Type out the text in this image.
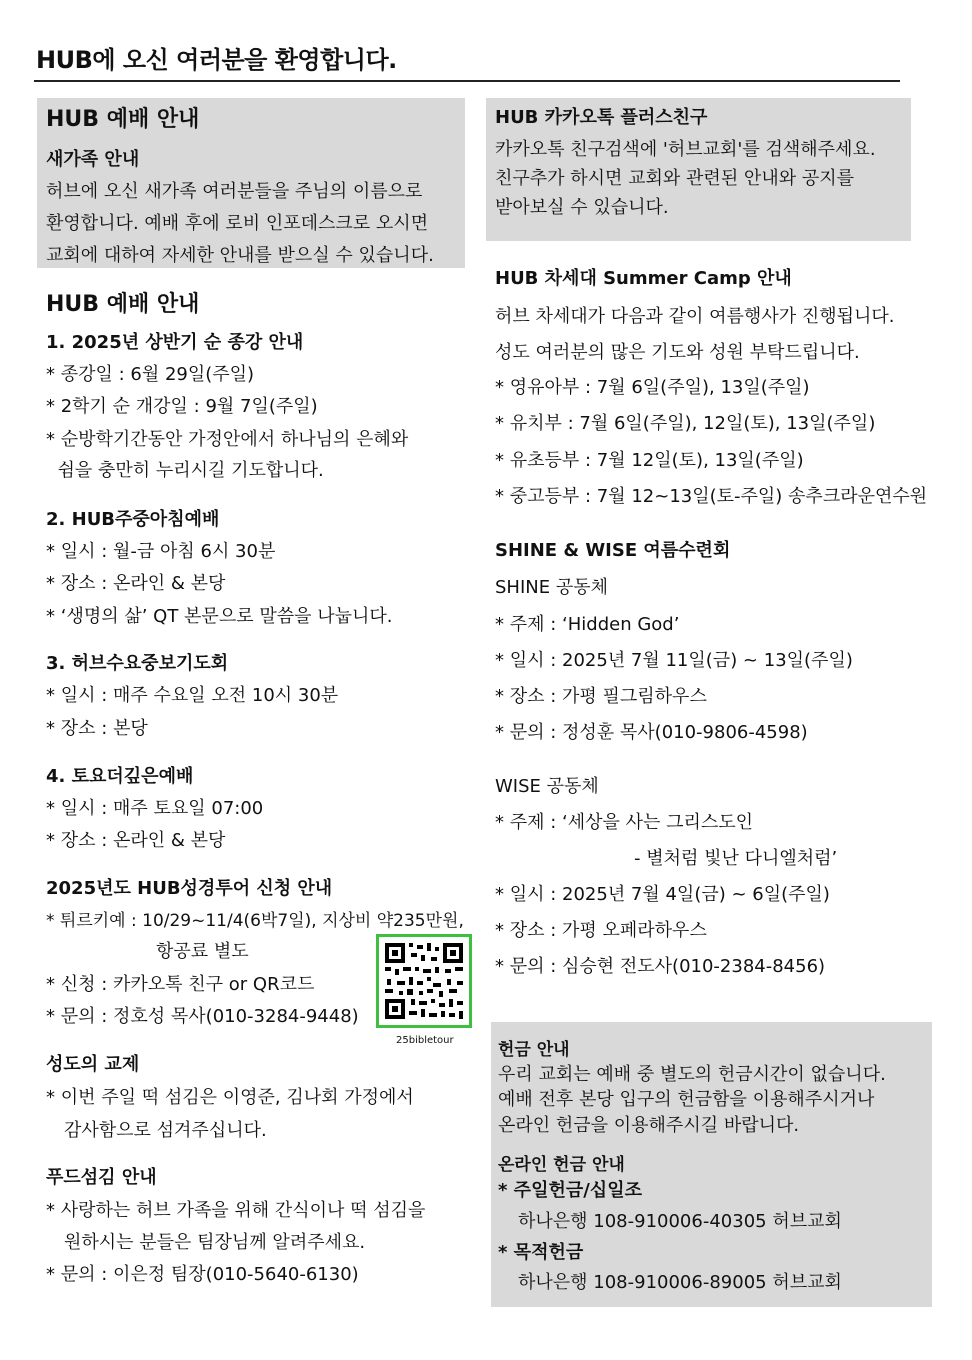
HUB에 오신 여러분을 환영합니다.
HUB 예배 안내
새가족 안내
허브에 오신 새가족 여러분들을 주님의 이름으로
환영합니다. 예배 후에 로비 인포데스크로 오시면
교회에 대하여 자세한 안내를 받으실 수 있습니다.
HUB 예배 안내
1. 2025년 상반기 순 종강 안내
* 종강일 : 6월 29일(주일)
* 2학기 순 개강일 : 9월 7일(주일)
* 순방학기간동안 가정안에서 하나님의 은혜와
쉼을 충만히 누리시길 기도합니다.
2. HUB주중아침예배
* 일시 : 월-금 아침 6시 30분
* 장소 : 온라인 & 본당
* ‘생명의 삶’ QT 본문으로 말씀을 나눕니다.
3. 허브수요중보기도회
* 일시 : 매주 수요일 오전 10시 30분
* 장소 : 본당
4. 토요더깊은예배
* 일시 : 매주 토요일 07:00
* 장소 : 온라인 & 본당
2025년도 HUB성경투어 신청 안내
* 튀르키예 : 10/29~11/4(6박7일), 지상비 약235만원,
항공료 별도
* 신청 : 카카오톡 친구 or QR코드
* 문의 : 정호성 목사(010-3284-9448)
25bibletour
성도의 교제
* 이번 주일 떡 섬김은 이영준, 김나회 가정에서
감사함으로 섬겨주십니다.
푸드섬김 안내
* 사랑하는 허브 가족을 위해 간식이나 떡 섬김을
원하시는 분들은 팀장님께 알려주세요.
* 문의 : 이은정 팀장(010-5640-6130)
HUB 카카오톡 플러스친구
카카오톡 친구검색에 '허브교회'를 검색해주세요.
친구추가 하시면 교회와 관련된 안내와 공지를
받아보실 수 있습니다.
HUB 차세대 Summer Camp 안내
허브 차세대가 다음과 같이 여름행사가 진행됩니다.
성도 여러분의 많은 기도와 성원 부탁드립니다.
* 영유아부 : 7월 6일(주일), 13일(주일)
* 유치부 : 7월 6일(주일), 12일(토), 13일(주일)
* 유초등부 : 7월 12일(토), 13일(주일)
* 중고등부 : 7월 12~13일(토-주일) 송추크라운연수원
SHINE & WISE 여름수련회
SHINE 공동체
* 주제 : ‘Hidden God’
* 일시 : 2025년 7월 11일(금) ~ 13일(주일)
* 장소 : 가평 필그림하우스
* 문의 : 정성훈 목사(010-9806-4598)
WISE 공동체
* 주제 : ‘세상을 사는 그리스도인
- 별처럼 빛난 다니엘처럼’
* 일시 : 2025년 7월 4일(금) ~ 6일(주일)
* 장소 : 가평 오페라하우스
* 문의 : 심승현 전도사(010-2384-8456)
헌금 안내
우리 교회는 예배 중 별도의 헌금시간이 없습니다.
예배 전후 본당 입구의 헌금함을 이용해주시거나
온라인 헌금을 이용해주시길 바랍니다.
온라인 헌금 안내
* 주일헌금/십일조
하나은행 108-910006-40305 허브교회
* 목적헌금
하나은행 108-910006-89005 허브교회
